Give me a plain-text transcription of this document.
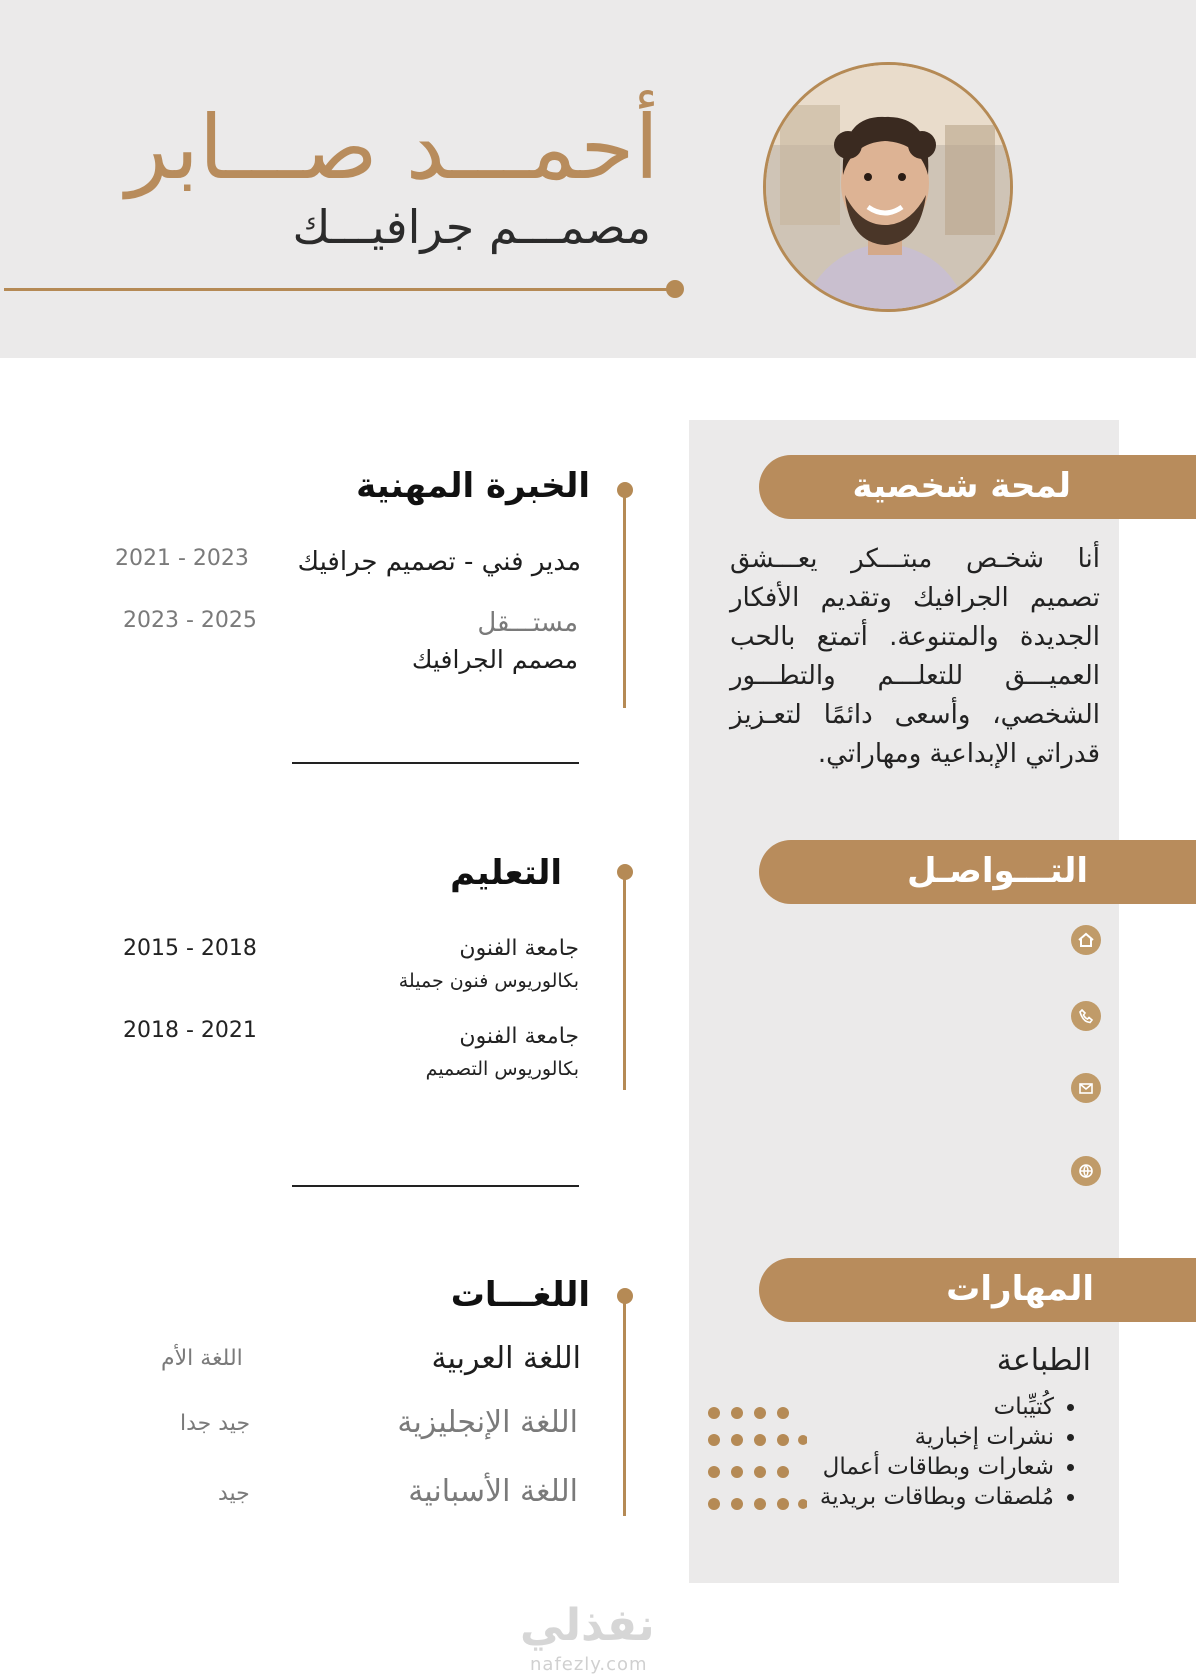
أحمـــد صـــابر
مصمـــم جرافيـــك
لمحة شخصية
أنا شخـص مبتـــكر يعـــشق تصميم الجرافيك وتقديم الأفكار الجديدة والمتنوعة. أتمتع بالحب العميـــق للتعلـــم والتطـــور الشخصي، وأسعى دائمًا لتعـزيز قدراتي الإبداعية ومهاراتي.
التـــواصـل
المهارات
الطباعة
• كُتيِّبات
• نشرات إخبارية
• شعارات وبطاقات أعمال
• مُلصقات وبطاقات بريدية
الخبرة المهنية
مدير فني - تصميم جرافيك
2021 - 2023
مستـــقل
مصمم الجرافيك
2023 - 2025
التعليم
جامعة الفنون
بكالوريوس فنون جميلة
2015 - 2018
جامعة الفنون
بكالوريوس التصميم
2018 - 2021
اللغـــات
اللغة العربية
اللغة الأم
اللغة الإنجليزية
جيد جدا
اللغة الأسبانية
جيد
نفذلي
nafezly.com
